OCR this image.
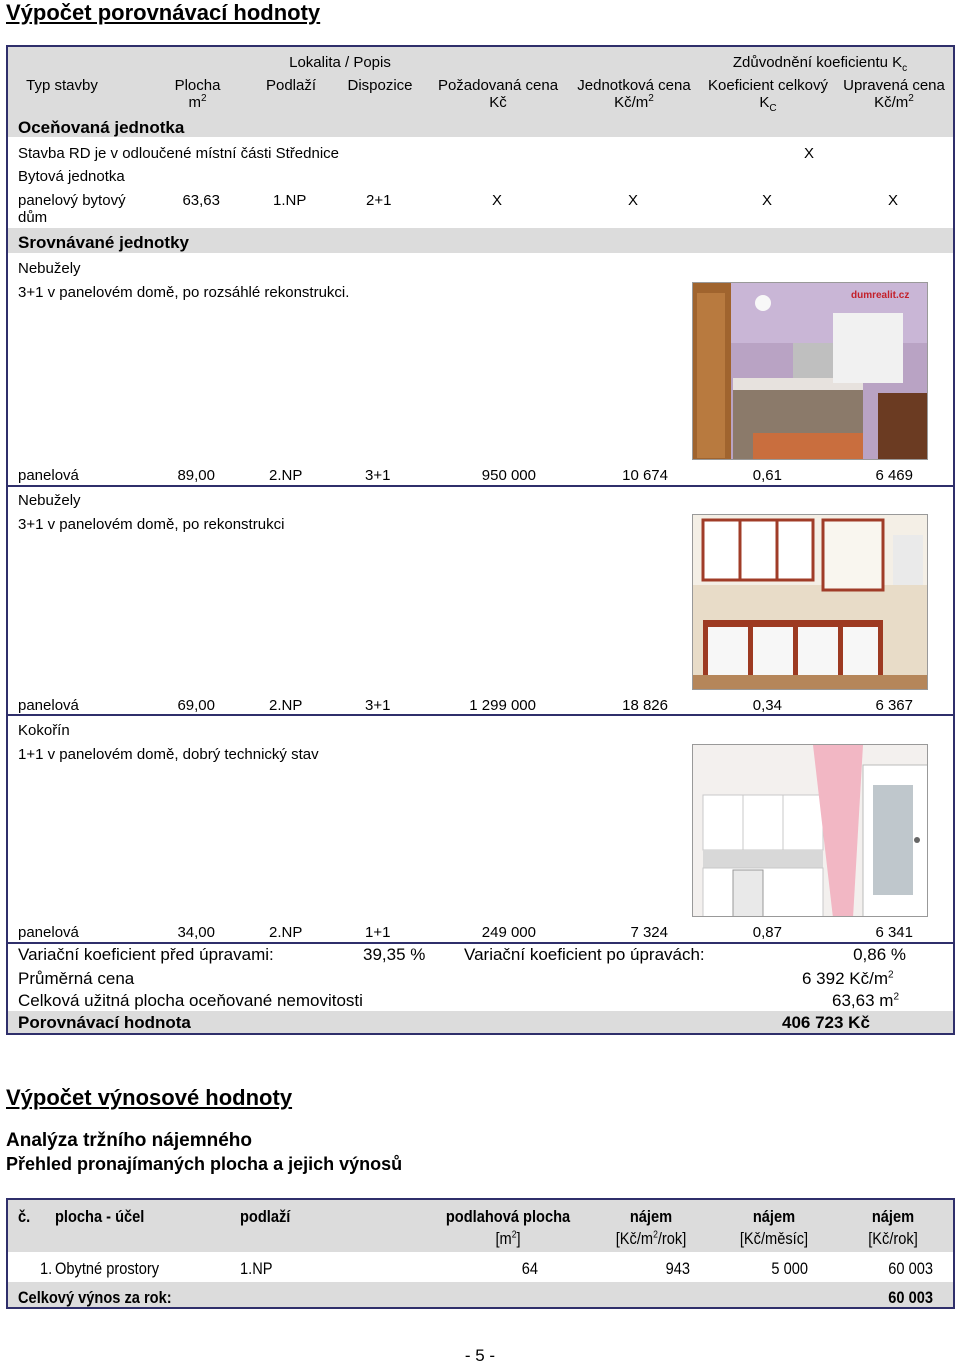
Výpočet porovnávací hodnoty
Lokalita / Popis	Zdůvodnění koeficientu $K_c$
Typ stavby	Plocha
$m^2$
Podlaží	Dispozice	Požadovaná cena
Kč
Jednotková cena
$Kč/m^2$
Koeficient celkový
$K_C$
Upravená cena
$Kč/m^2$
Oceňovaná jednotka
Stavba RD je v odloučené místní části Střednice	X
Bytová jednotka
panelový bytový
dům
63,63	1.NP	2+1	X	X	X	X
Srovnávané jednotky
Nebužely
3+1 v panelovém domě, po rozsáhlé rekonstrukci.	dumrealit.cz
panelová	89,00	2.NP	3+1	950 000	10 674	0,61	6 469
Nebužely
3+1 v panelovém domě, po rekonstrukci
panelová	69,00	2.NP	3+1	1 299 000	18 826	0,34	6 367
Kokořín
1+1 v panelovém domě, dobrý technický stav
panelová	34,00	2.NP	1+1	249 000	7 324	0,87	6 341
Variační koeficient před úpravami:	39,35 % Variační koeficient po úpravách:	0,86 %
Průměrná cena	6 392 $Kč/m^2$
Celková užitná plocha oceňované nemovitosti	63,63 $m^2$
Porovnávací hodnota	406 723 Kč
Výpočet výnosové hodnoty
Analýza tržního nájemného
Přehled pronajímaných plocha a jejich výnosů
č. plocha - účel	podlaží	podlahová plocha
$[m^2]$
nájem
$[Kč/m^2/rok]$
nájem
[Kč/měsíc]
nájem
[Kč/rok]
1. Obytné prostory	1.NP	64	943	5 000	60 003
Celkový výnos za rok:	60 003
- 5 -
